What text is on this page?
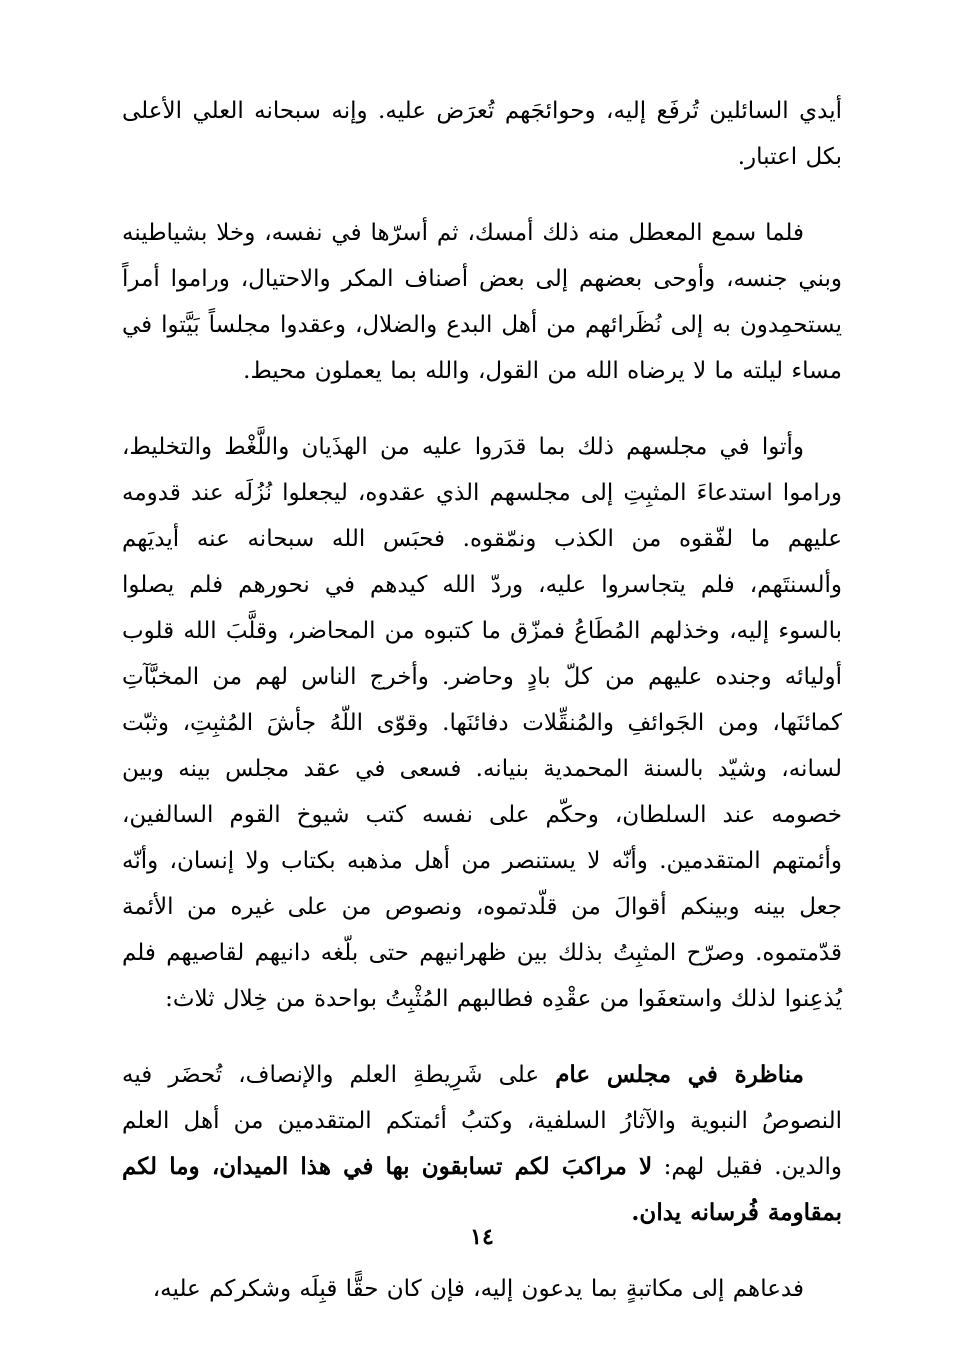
أيدي السائلين تُرفَع إليه، وحوائجَهم تُعرَض عليه. وإنه سبحانه العلي الأعلى بكل اعتبار.

فلما سمع المعطل منه ذلك أمسك، ثم أسرّها في نفسه، وخلا بشياطينه وبني جنسه، وأوحى بعضهم إلى بعض أصناف المكر والاحتيال، وراموا أمراً يستحمِدون به إلى نُظَرائهم من أهل البدع والضلال، وعقدوا مجلساً بَيَّتوا في مساء ليلته ما لا يرضاه الله من القول، والله بما يعملون محيط.

وأتوا في مجلسهم ذلك بما قدَروا عليه من الهذَيان واللَّغْط والتخليط، وراموا استدعاءَ المثبِتِ إلى مجلسهم الذي عقدوه، ليجعلوا نُزُلَه عند قدومه عليهم ما لفّقوه من الكذب ونمّقوه. فحبَس الله سبحانه عنه أيديَهم وألسنتَهم، فلم يتجاسروا عليه، وردّ الله كيدهم في نحورهم فلم يصلوا بالسوء إليه، وخذلهم المُطَاعُ فمزّق ما كتبوه من المحاضر، وقلَّبَ الله قلوب أوليائه وجنده عليهم من كلّ بادٍ وحاضر. وأخرج الناس لهم من المخبَّآتِ كمائنَها، ومن الجَوائفِ والمُنقِّلات دفائنَها. وقوّى اللّهُ جأشَ المُثبِتِ، وثبّت لسانه، وشيّد بالسنة المحمدية بنيانه. فسعى في عقد مجلس بينه وبين خصومه عند السلطان، وحكّم على نفسه كتب شيوخ القوم السالفين، وأئمتهم المتقدمين. وأنّه لا يستنصر من أهل مذهبه بكتاب ولا إنسان، وأنّه جعل بينه وبينكم أقوالَ من قلّدتموه، ونصوص من على غيره من الأئمة قدّمتموه. وصرّح المثبِتُ بذلك بين ظهرانيهم حتى بلّغه دانيهم لقاصيهم فلم يُذعِنوا لذلك واستعفَوا من عقْدِه فطالبهم المُثْبِتُ بواحدة من خِلال ثلاث:

مناظرة في مجلس عام على شَرِيطةِ العلم والإنصاف، تُحضَر فيه النصوصُ النبوية والآثارُ السلفية، وكتبُ أئمتكم المتقدمين من أهل العلم والدين. فقيل لهم: لا مراكبَ لكم تسابقون بها في هذا الميدان، وما لكم بمقاومة فُرسانه يدان.

فدعاهم إلى مكاتبةٍ بما يدعون إليه، فإن كان حقًّا قبِلَه وشكركم عليه،

١٤
